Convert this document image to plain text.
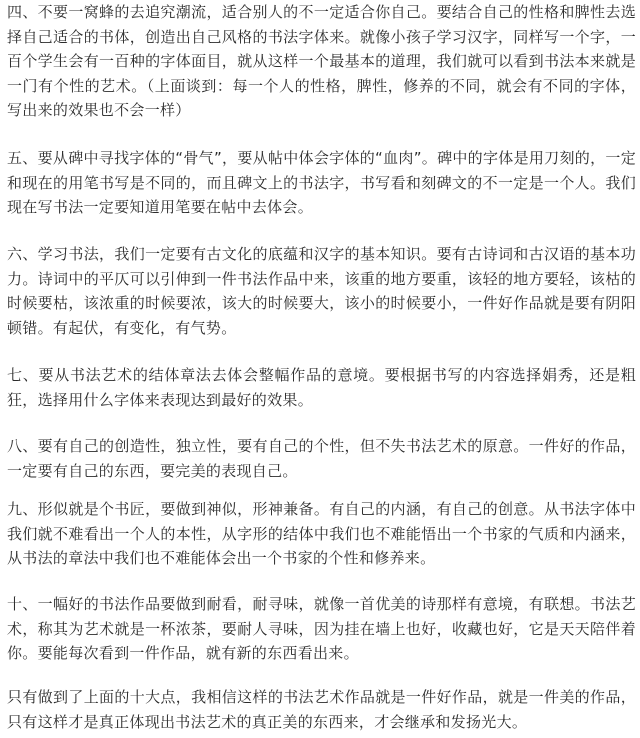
四、不要一窝蜂的去追究潮流，适合别人的不一定适合你自己。要结合自己的性格和脾性去选择自己适合的书体，创造出自己风格的书法字体来。就像小孩子学习汉字，同样写一个字，一百个学生会有一百种的字体面目，就从这样一个最基本的道理，我们就可以看到书法本来就是一门有个性的艺术。（上面谈到：每一个人的性格，脾性，修养的不同，就会有不同的字体，写出来的效果也不会一样）

五、要从碑中寻找字体的“骨气”，要从帖中体会字体的“血肉”。碑中的字体是用刀刻的，一定和现在的用笔书写是不同的，而且碑文上的书法字，书写看和刻碑文的不一定是一个人。我们现在写书法一定要知道用笔要在帖中去体会。

六、学习书法，我们一定要有古文化的底蕴和汉字的基本知识。要有古诗词和古汉语的基本功力。诗词中的平仄可以引伸到一件书法作品中来，该重的地方要重，该轻的地方要轻，该枯的时候要枯，该浓重的时候要浓，该大的时候要大，该小的时候要小，一件好作品就是要有阴阳顿错。有起伏，有变化，有气势。

七、要从书法艺术的结体章法去体会整幅作品的意境。要根据书写的内容选择娟秀，还是粗狂，选择用什么字体来表现达到最好的效果。

八、要有自己的创造性，独立性，要有自己的个性，但不失书法艺术的原意。一件好的作品，一定要有自己的东西，要完美的表现自己。

九、形似就是个书匠，要做到神似，形神兼备。有自己的内涵，有自己的创意。从书法字体中我们就不难看出一个人的本性，从字形的结体中我们也不难能悟出一个书家的气质和内涵来，从书法的章法中我们也不难能体会出一个书家的个性和修养来。

十、一幅好的书法作品要做到耐看，耐寻味，就像一首优美的诗那样有意境，有联想。书法艺术，称其为艺术就是一杯浓茶，要耐人寻味，因为挂在墙上也好，收藏也好，它是天天陪伴着你。要能每次看到一件作品，就有新的东西看出来。

只有做到了上面的十大点，我相信这样的书法艺术作品就是一件好作品，就是一件美的作品，只有这样才是真正体现出书法艺术的真正美的东西来，才会继承和发扬光大。
